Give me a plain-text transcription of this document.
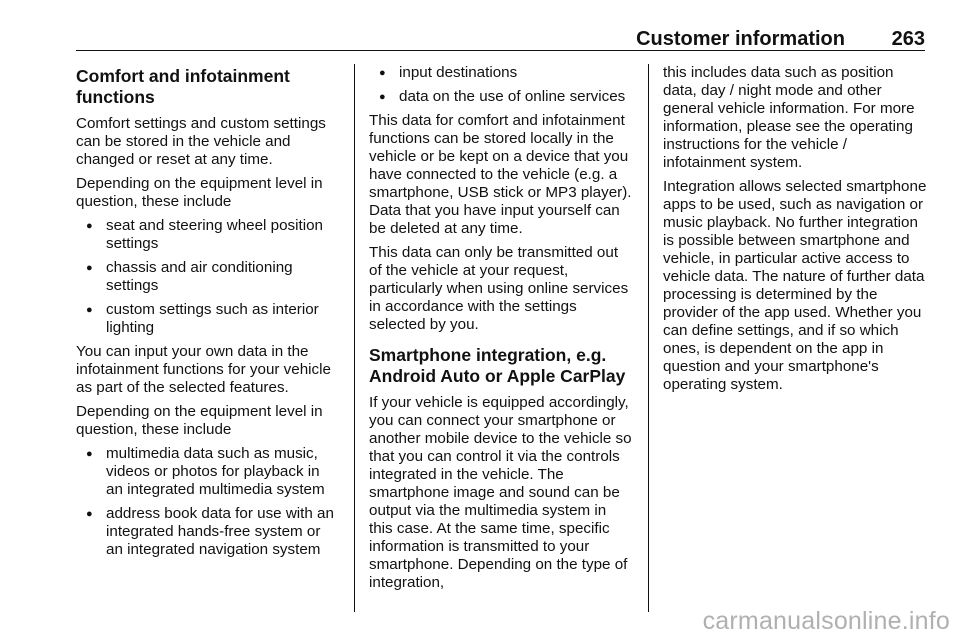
Customer information 263
Comfort and infotainment functions

Comfort settings and custom settings can be stored in the vehicle and changed or reset at any time.

Depending on the equipment level in question, these include

● seat and steering wheel position settings
● chassis and air conditioning settings
● custom settings such as interior lighting

You can input your own data in the infotainment functions for your vehicle as part of the selected features.

Depending on the equipment level in question, these include

● multimedia data such as music, videos or photos for playback in an integrated multimedia system
● address book data for use with an integrated hands-free system or an integrated navigation system
● input destinations
● data on the use of online services

This data for comfort and infotainment functions can be stored locally in the vehicle or be kept on a device that you have connected to the vehicle (e.g. a smartphone, USB stick or MP3 player). Data that you have input yourself can be deleted at any time.

This data can only be transmitted out of the vehicle at your request, particularly when using online services in accordance with the settings selected by you.

Smartphone integration, e.g. Android Auto or Apple CarPlay

If your vehicle is equipped accordingly, you can connect your smartphone or another mobile device to the vehicle so that you can control it via the controls integrated in the vehicle. The smartphone image and sound can be output via the multimedia system in this case. At the same time, specific information is transmitted to your smartphone. Depending on the type of integration,

this includes data such as position data, day / night mode and other general vehicle information. For more information, please see the operating instructions for the vehicle / infotainment system.

Integration allows selected smartphone apps to be used, such as navigation or music playback. No further integration is possible between smartphone and vehicle, in particular active access to vehicle data. The nature of further data processing is determined by the provider of the app used. Whether you can define settings, and if so which ones, is dependent on the app in question and your smartphone's operating system.

carmanualsonline.info
